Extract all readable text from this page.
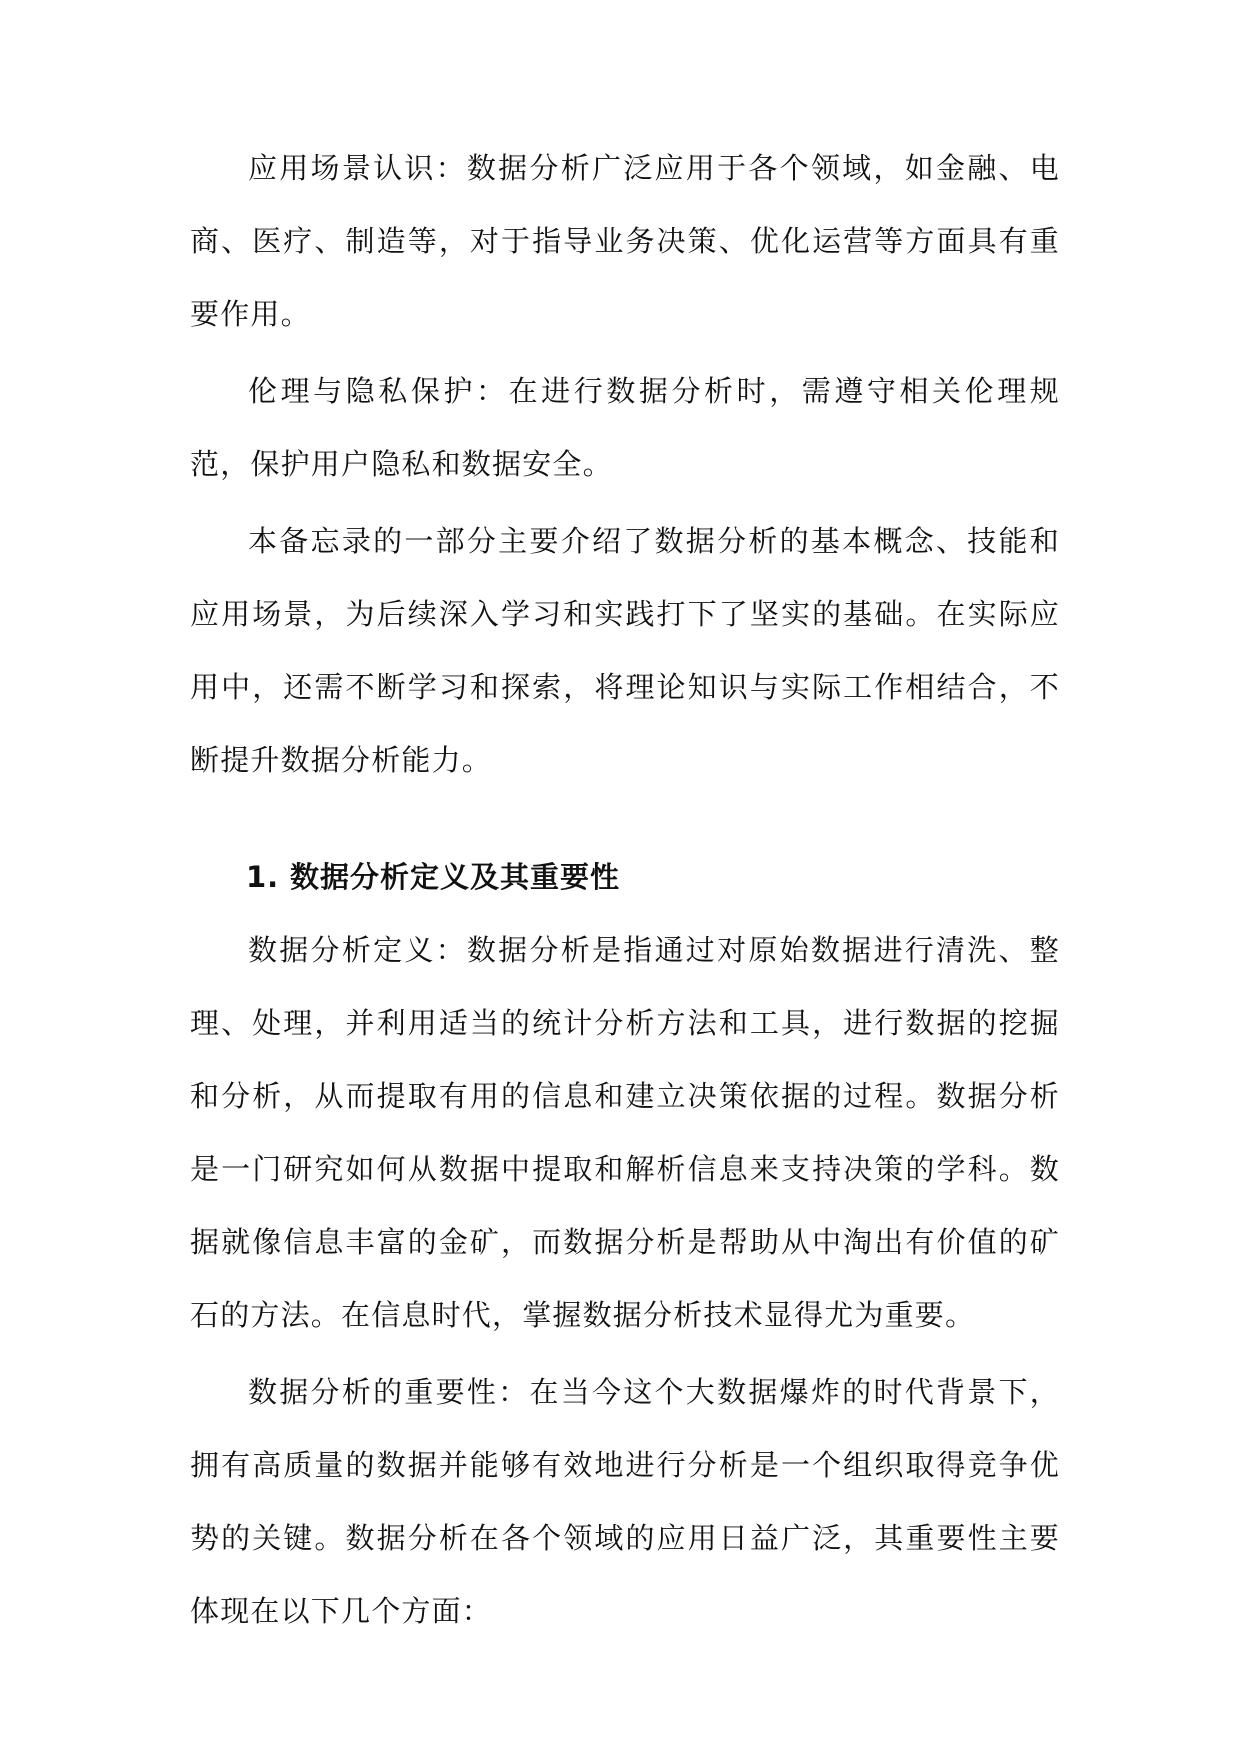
应用场景认识：数据分析广泛应用于各个领域，如金融、电商、医疗、制造等，对于指导业务决策、优化运营等方面具有重要作用。

伦理与隐私保护：在进行数据分析时，需遵守相关伦理规范，保护用户隐私和数据安全。

本备忘录的一部分主要介绍了数据分析的基本概念、技能和应用场景，为后续深入学习和实践打下了坚实的基础。在实际应用中，还需不断学习和探索，将理论知识与实际工作相结合，不断提升数据分析能力。

1. 数据分析定义及其重要性

数据分析定义：数据分析是指通过对原始数据进行清洗、整理、处理，并利用适当的统计分析方法和工具，进行数据的挖掘和分析，从而提取有用的信息和建立决策依据的过程。数据分析是一门研究如何从数据中提取和解析信息来支持决策的学科。数据就像信息丰富的金矿，而数据分析是帮助从中淘出有价值的矿石的方法。在信息时代，掌握数据分析技术显得尤为重要。

数据分析的重要性：在当今这个大数据爆炸的时代背景下，拥有高质量的数据并能够有效地进行分析是一个组织取得竞争优势的关键。数据分析在各个领域的应用日益广泛，其重要性主要体现在以下几个方面：
